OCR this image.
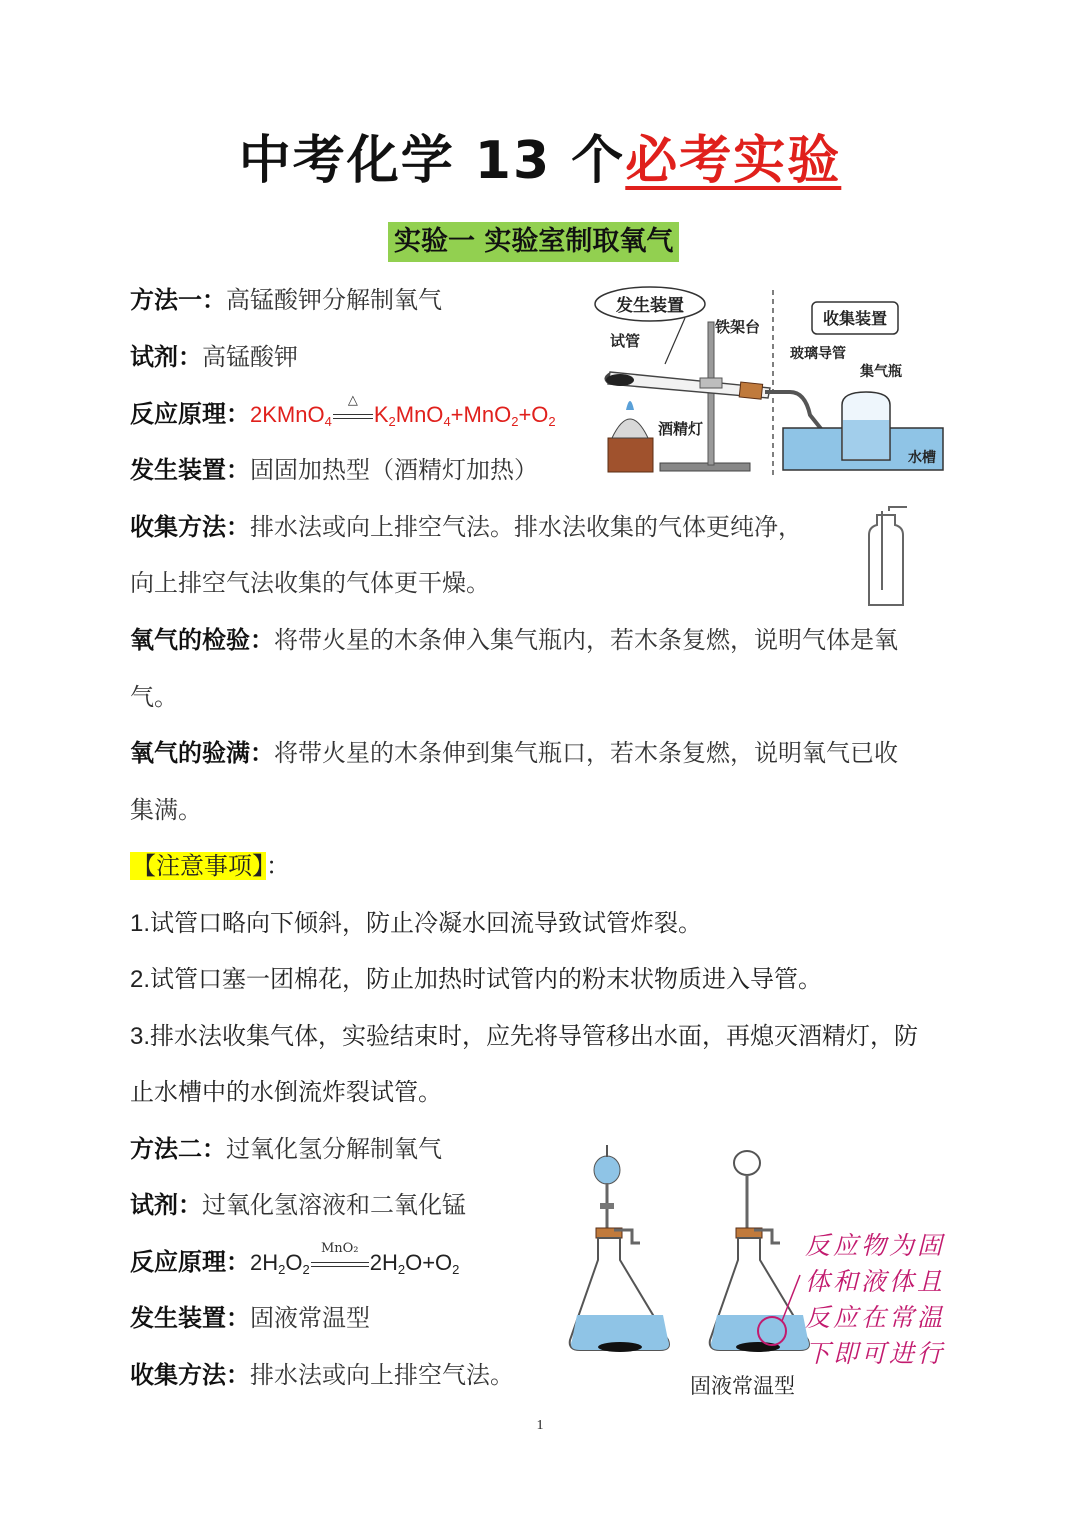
中考化学 13 个必考实验
实验一 实验室制取氧气
方法一：高锰酸钾分解制氧气
试剂：高锰酸钾
反应原理：2KMnO$_4$
△
$K_2MnO_4+MnO_2+O_2$
发生装置：固固加热型（酒精灯加热）
收集方法：排水法或向上排空气法。排水法收集的气体更纯净，
向上排空气法收集的气体更干燥。
氧气的检验：将带火星的木条伸入集气瓶内，若木条复燃，说明气体是氧
气。
氧气的验满：将带火星的木条伸到集气瓶口，若木条复燃，说明氧气已收
集满。
【注意事项】：
1.试管口略向下倾斜，防止冷凝水回流导致试管炸裂。
2.试管口塞一团棉花，防止加热时试管内的粉末状物质进入导管。
3.排水法收集气体，实验结束时，应先将导管移出水面，再熄灭酒精灯，防
止水槽中的水倒流炸裂试管。
方法二：过氧化氢分解制氧气
试剂：过氧化氢溶液和二氧化锰
反应原理：$2H_2O_2$
MnO₂
$2H_2O+O_2$
发生装置：固液常温型
收集方法：排水法或向上排空气法。
发生装置
铁架台
试管
酒精灯
收集装置
玻璃导管
集气瓶
水槽
固液常温型
反应物为固
体和液体且
反应在常温
下即可进行
1
